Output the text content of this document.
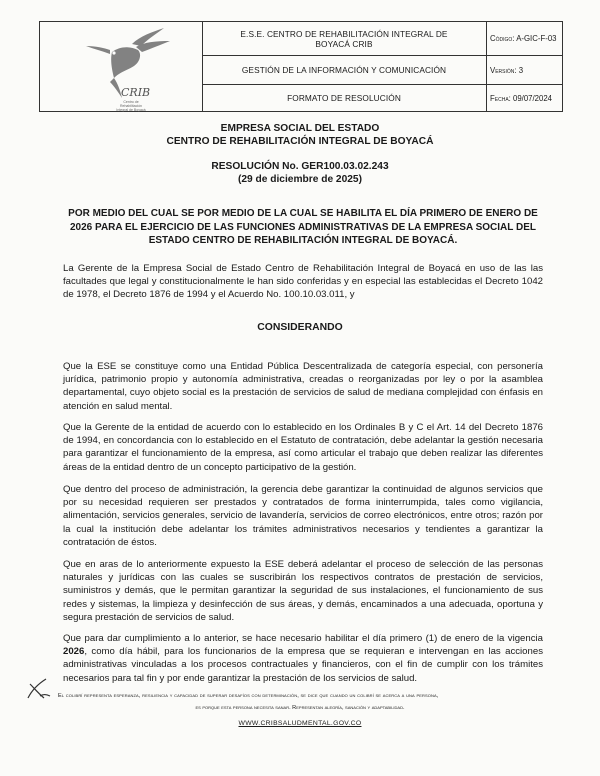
CRIB
Centro de Rehabilitación Integral de Boyacá
E.S.E. CENTRO DE REHABILITACIÓN INTEGRAL DE
BOYACÁ CRIB
GESTIÓN DE LA INFORMACIÓN Y COMUNICACIÓN
FORMATO DE RESOLUCIÓN
Código: A-GIC-F-03
Versión: 3
Fecha: 09/07/2024
EMPRESA SOCIAL DEL ESTADO
CENTRO DE REHABILITACIÓN INTEGRAL DE BOYACÁ
RESOLUCIÓN No. GER100.03.02.243
(29 de diciembre de 2025)
POR MEDIO DEL CUAL SE POR MEDIO DE LA CUAL SE HABILITA EL DÍA PRIMERO DE ENERO DE 2026 PARA EL EJERCICIO DE LAS FUNCIONES ADMINISTRATIVAS DE LA EMPRESA SOCIAL DEL ESTADO CENTRO DE REHABILITACIÓN INTEGRAL DE BOYACÁ.
La Gerente de la Empresa Social de Estado Centro de Rehabilitación Integral de Boyacá en uso de las las facultades que legal y constitucionalmente le han sido conferidas y en especial las establecidas el Decreto 1042 de 1978, el Decreto 1876 de 1994 y el Acuerdo No. 100.10.03.011, y
CONSIDERANDO
Que la ESE se constituye como una Entidad Pública Descentralizada de categoría especial, con personería jurídica, patrimonio propio y autonomía administrativa, creadas o reorganizadas por ley o por la asamblea departamental, cuyo objeto social es la prestación de servicios de salud de mediana complejidad con énfasis en atención en salud mental.
Que la Gerente de la entidad de acuerdo con lo establecido en los Ordinales B y C el Art. 14 del Decreto 1876 de 1994, en concordancia con lo establecido en el Estatuto de contratación, debe adelantar la gestión necesaria para garantizar el funcionamiento de la empresa, así como articular el trabajo que deben realizar las diferentes áreas de la entidad dentro de un concepto participativo de la gestión.
Que dentro del proceso de administración, la gerencia debe garantizar la continuidad de algunos servicios que por su necesidad requieren ser prestados y contratados de forma ininterrumpida, tales como vigilancia, alimentación, servicios generales, servicio de lavandería, servicios de correo electrónicos, entre otros; razón por la cual la institución debe adelantar los trámites administrativos necesarios y tendientes a garantizar la contratación de éstos.
Que en aras de lo anteriormente expuesto la ESE deberá adelantar el proceso de selección de las personas naturales y jurídicas con las cuales se suscribirán los respectivos contratos de prestación de servicios, suministros y demás, que le permitan garantizar la seguridad de sus instalaciones, el funcionamiento de sus redes y sistemas, la limpieza y desinfección de sus áreas, y demás, encaminados a una adecuada, oportuna y segura prestación de servicios de salud.
Que para dar cumplimiento a lo anterior, se hace necesario habilitar el día primero (1) de enero de la vigencia 2026, como día hábil, para los funcionarios de la empresa que se requieran e intervengan en las acciones administrativas vinculadas a los procesos contractuales y financieros, con el fin de cumplir con los trámites necesarios para tal fin y por ende garantizar la prestación de los servicios de salud.
El colibrí representa esperanza, resiliencia y capacidad de superar desafíos con determinación, se dice que cuando un colibrí se acerca a una persona,
es porque esta persona necesita sanar. Representan alegría, sanación y adaptabilidad.
WWW.CRIBSALUDMENTAL.GOV.CO
